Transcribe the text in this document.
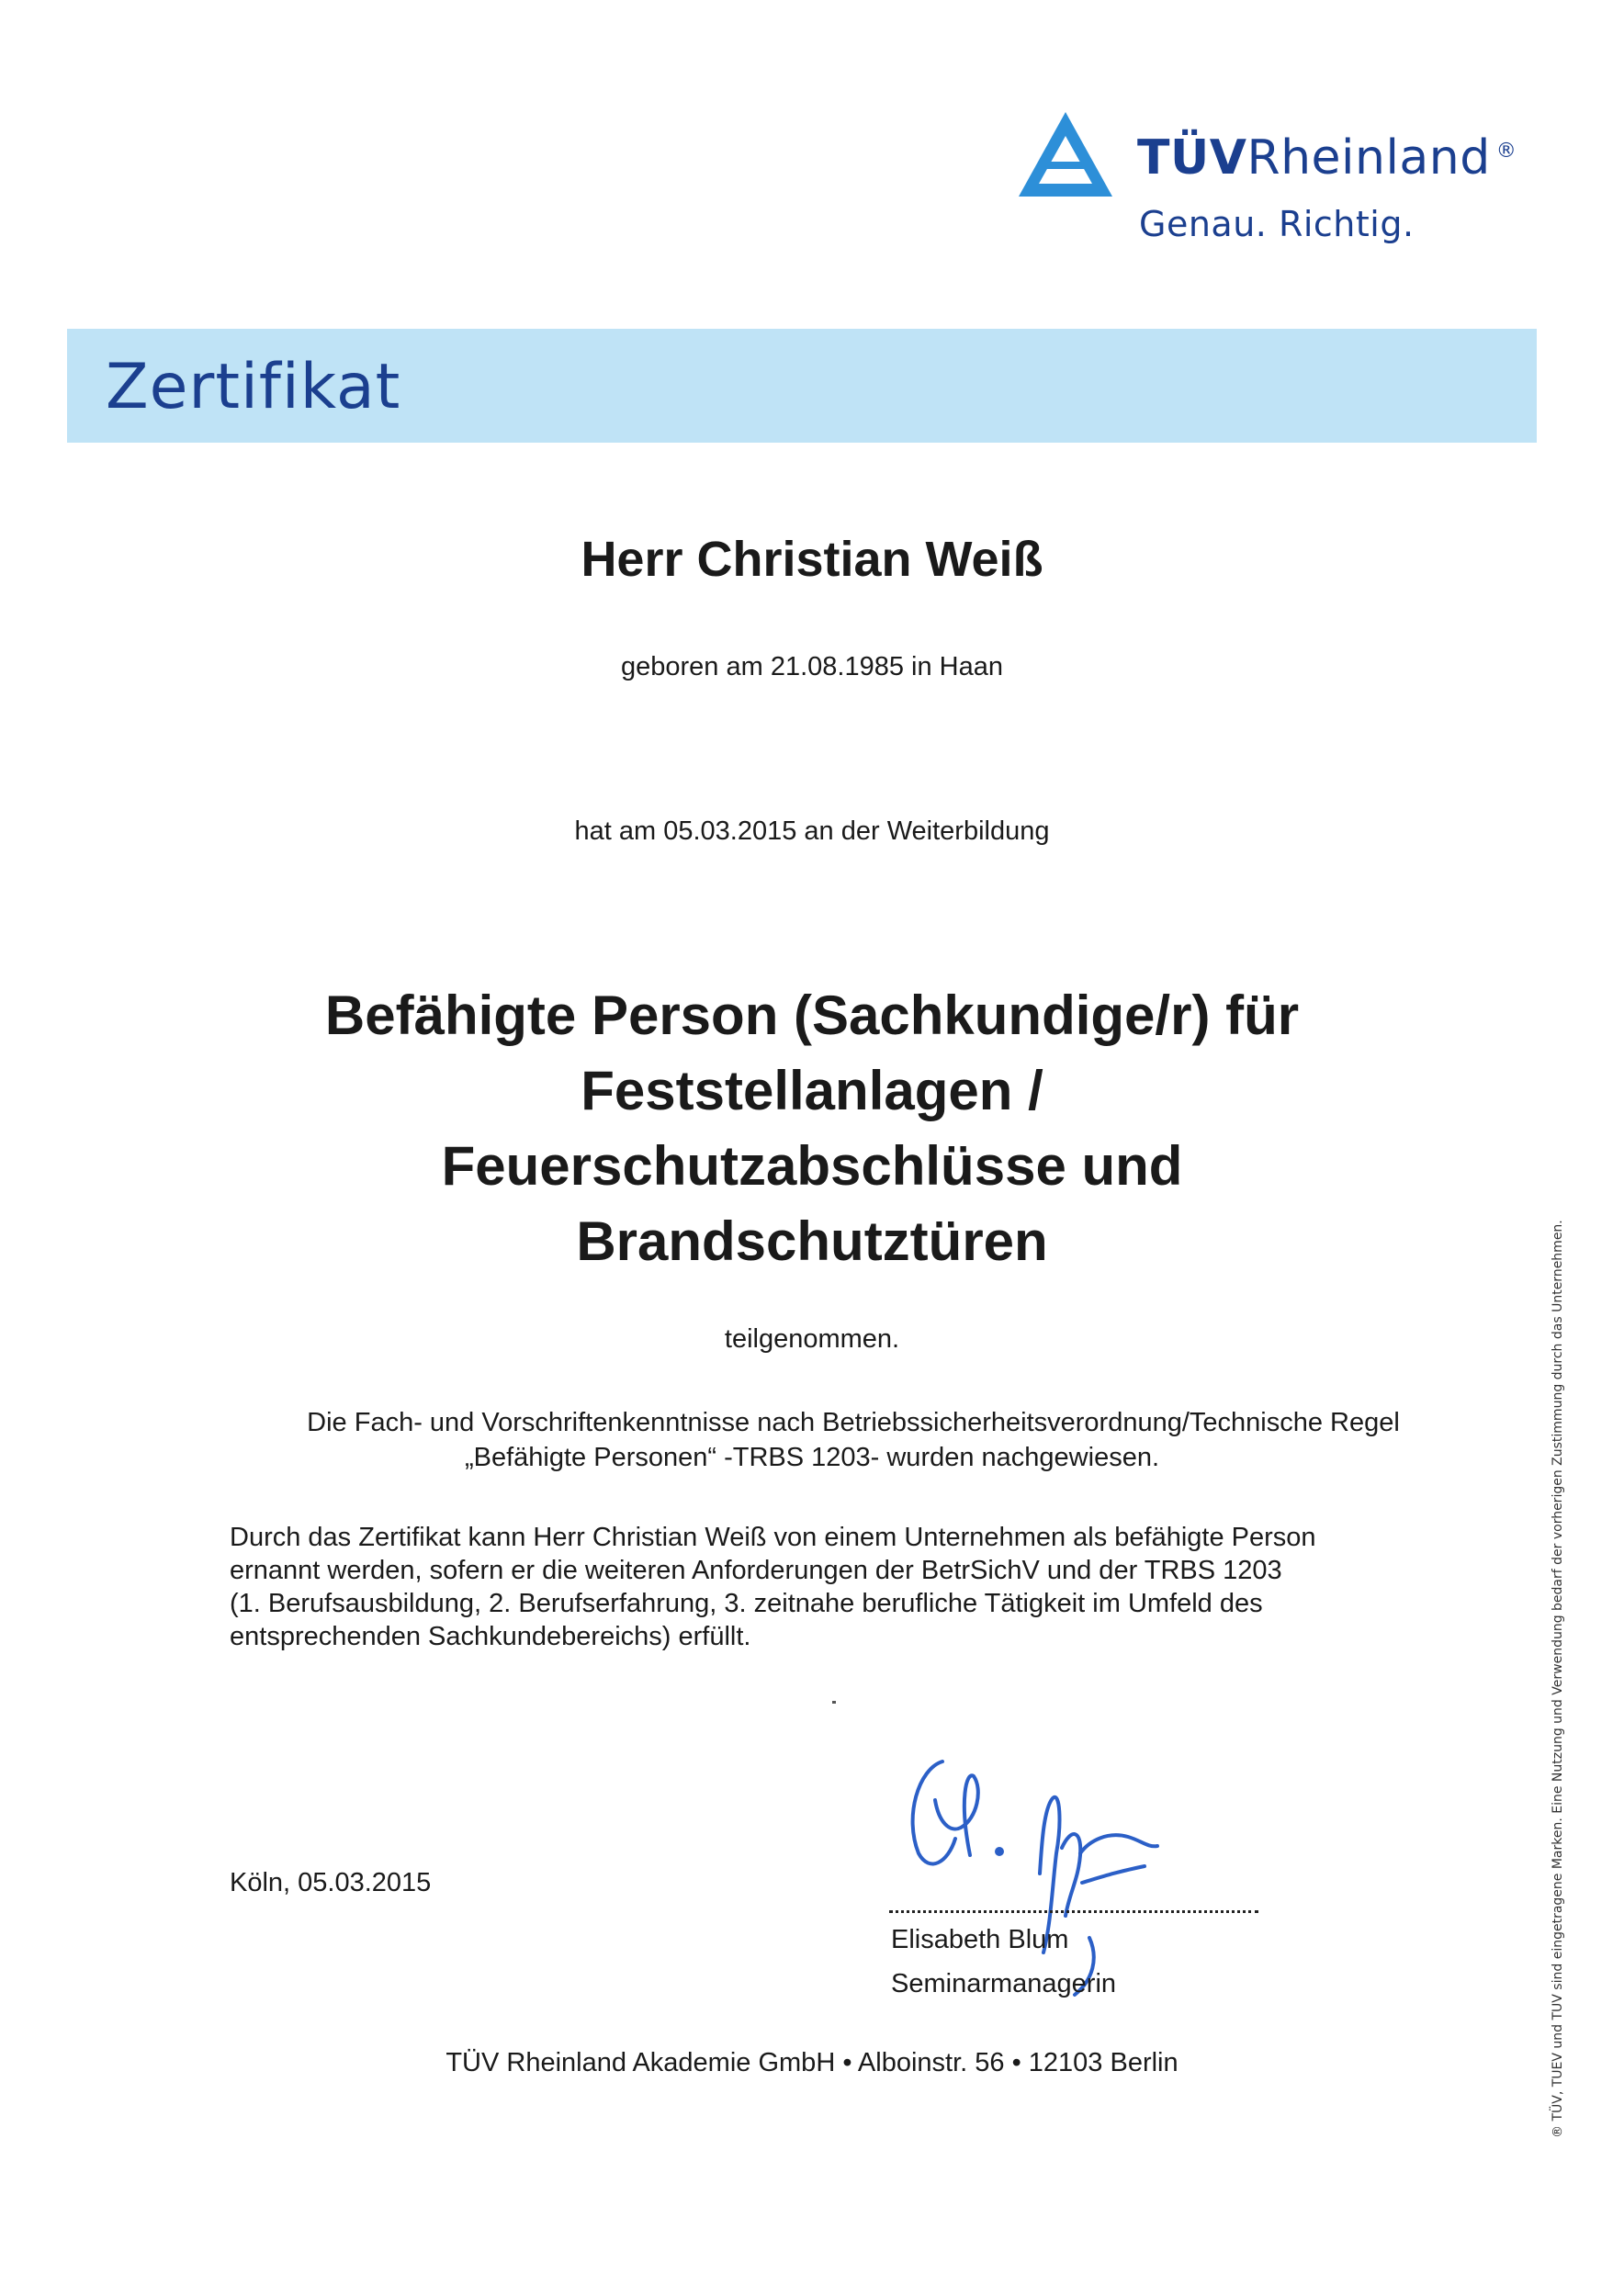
TÜVRheinland ®
Genau. Richtig.
Zertifikat
Herr Christian Weiß
geboren am 21.08.1985 in Haan
hat am 05.03.2015 an der Weiterbildung
Befähigte Person (Sachkundige/r) für
Feststellanlagen /
Feuerschutzabschlüsse und
Brandschutztüren
teilgenommen.
Die Fach- und Vorschriftenkenntnisse nach Betriebssicherheitsverordnung/Technische Regel
„Befähigte Personen“ -TRBS 1203- wurden nachgewiesen.
Durch das Zertifikat kann Herr Christian Weiß von einem Unternehmen als befähigte Person
ernannt werden, sofern er die weiteren Anforderungen der BetrSichV und der TRBS 1203
(1. Berufsausbildung, 2. Berufserfahrung, 3. zeitnahe berufliche Tätigkeit im Umfeld des
entsprechenden Sachkundebereichs) erfüllt.
Köln, 05.03.2015
Elisabeth Blum
Seminarmanagerin
TÜV Rheinland Akademie GmbH • Alboinstr. 56 • 12103 Berlin	® TÜV, TUEV und TUV sind eingetragene Marken. Eine Nutzung und Verwendung bedarf der vorherigen Zustimmung durch das Unternehmen.
